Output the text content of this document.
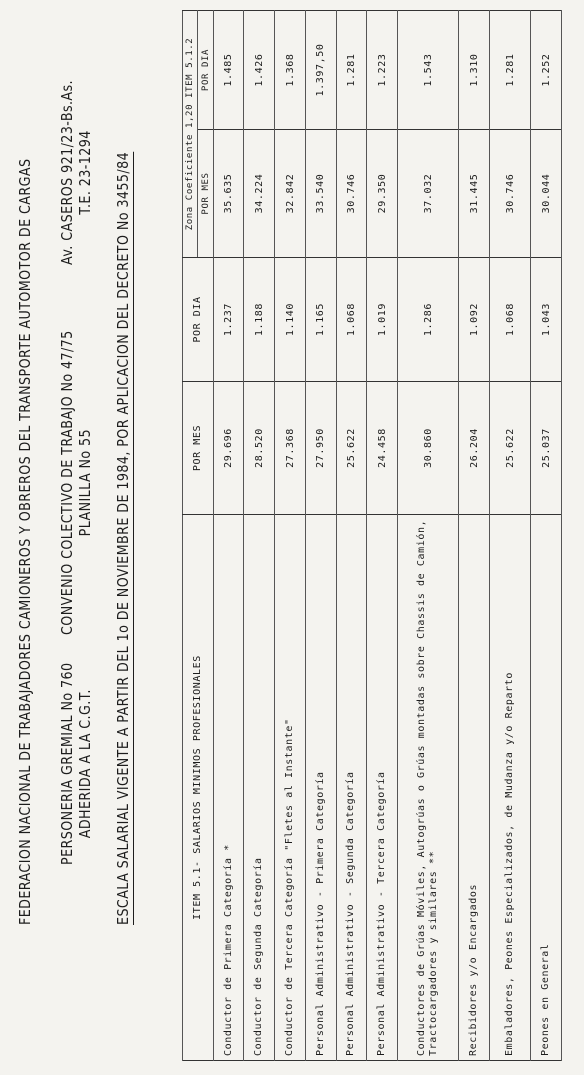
FEDERACION NACIONAL DE TRABAJADORES CAMIONEROS Y OBREROS DEL TRANSPORTE AUTOMOTOR DE CARGAS PERSONERIA GREMIAL No 760 ADHERIDA A LA C.G.T.
CONVENIO COLECTIVO DE TRABAJO No 47/75 PLANILLA No 55
Av. CASEROS 921/23-Bs.As. T.E. 23-1294 ESCALA SALARIAL VIGENTE A PARTIR DEL 1o DE NOVIEMBRE DE 1984, POR APLICACION DEL DECRETO No 3455/84	ITEM 5.1- SALARIOS MINIMOS PROFESIONALES	POR MES	POR DIA	Zona Coeficiente 1,20 ITEM 5.1.2	
			POR MES	POR DIA
Conductor de Primera Categoría *	29.696	1.237	35.635	1.485
Conductor de Segunda Categoría	28.520	1.188	34.224	1.426
Conductor de Tercera Categoría "Fletes al Instante"	27.368	1.140	32.842	1.368
Personal Administrativo - Primera Categoría	27.950	1.165	33.540	1.397,50
Personal Administrativo - Segunda Categoría	25.622	1.068	30.746	1.281
Personal Administrativo - Tercera Categoría	24.458	1.019	29.350	1.223
Conductores de Grúas Móviles, Autogrúas o Grúas montadas sobre Chassis de Camión, Tractocargadores y similares **	30.860	1.286	37.032	1.543
Recibidores y/o Encargados	26.204	1.092	31.445	1.310
Embaladores, Peones Especializados, de Mudanza y/o Reparto	25.622	1.068	30.746	1.281
Peones en General	25.037	1.043	30.044	1.252
